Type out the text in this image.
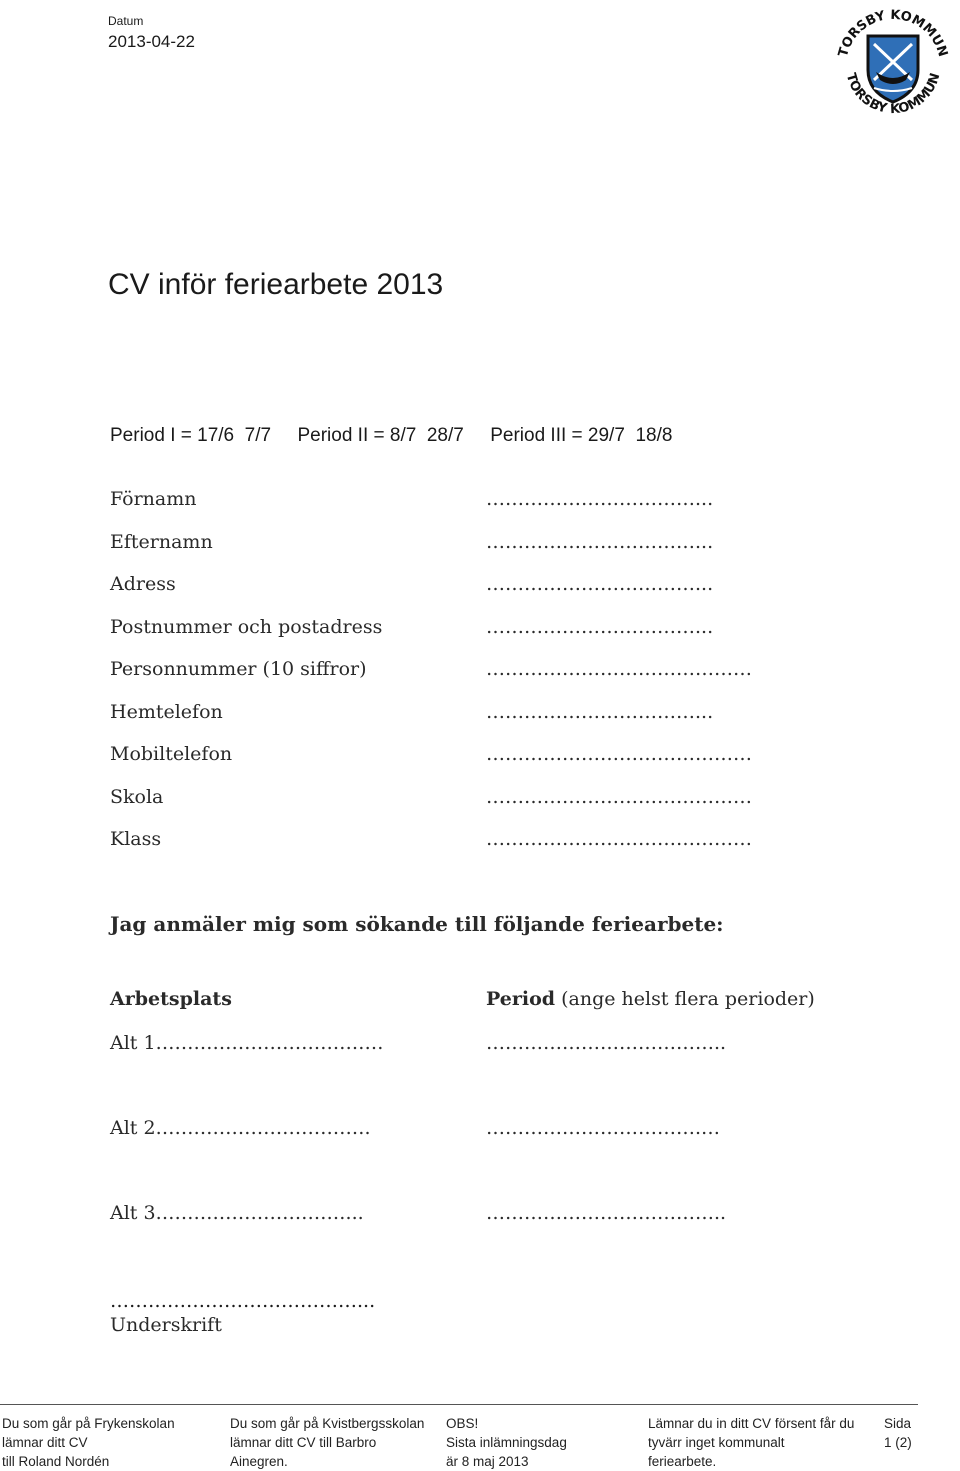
Datum
2013-04-22
TORSBY KOMMUN
TORSBY KOMMUN
CV inför feriearbete 2013
Period I = 17/6  7/7     Period II = 8/7  28/7     Period III = 29/7  18/8
Förnamn	……………………………...
Efternamn	……………………………...
Adress	……………………………...
Postnummer och postadress	……………………………...
Personnummer (10 siffror)	……………………………………
Hemtelefon	……………………………...
Mobiltelefon	……………………………………
Skola	……………………………………
Klass	……………………………………
Jag anmäler mig som sökande till följande feriearbete:
Arbetsplats	Period (ange helst flera perioder)
Alt 1………………………………	………………………………..
Alt 2…………………………….	…………………………….…
Alt 3…………………………...	………………………………..
…………………………………...
Underskrift
Du som går på Frykenskolan
lämnar ditt CV
till Roland Nordén
Du som går på Kvistbergsskolan
lämnar ditt CV till Barbro
Ainegren.
OBS!
Sista inlämningsdag
är 8 maj 2013
Lämnar du in ditt CV försent får du
tyvärr inget kommunalt
feriearbete.
Sida
1 (2)
